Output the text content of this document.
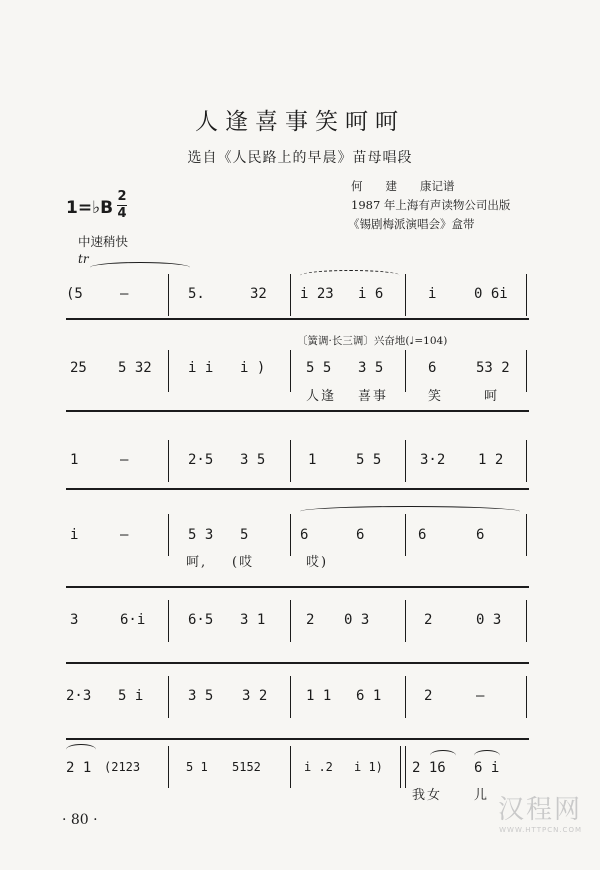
人逢喜事笑呵呵
选自《人民路上的早晨》苗母唱段
何　　建　　康记谱
1987 年上海有声读物公司出版
《锡剧梅派演唱会》盒带
1=♭B
2
4
中速稍快
tr
(5	–	5.	32 i 23 i 6	i	0 6i
〔簧调·长三调〕兴奋地(♩=104)
25 5 32	i i i )	5 5 3 5	6	53 2
人逢 喜事	笑	呵
1	–	2·5 3 5	1	5 5	3·2 1 2
i	–	5 3 5	6	6	6	6
呵, (哎	哎)
3	6·i	6·5 3 1	2 0 3	2	0 3
2·3 5 i	3 5 3 2	1 1 6 1	2	–
2 1 (2123	5 1 5152	i .2 i 1) 2 16 6 i
我女 儿
· 80 ·	汉程网
WWW.HTTPCN.COM
